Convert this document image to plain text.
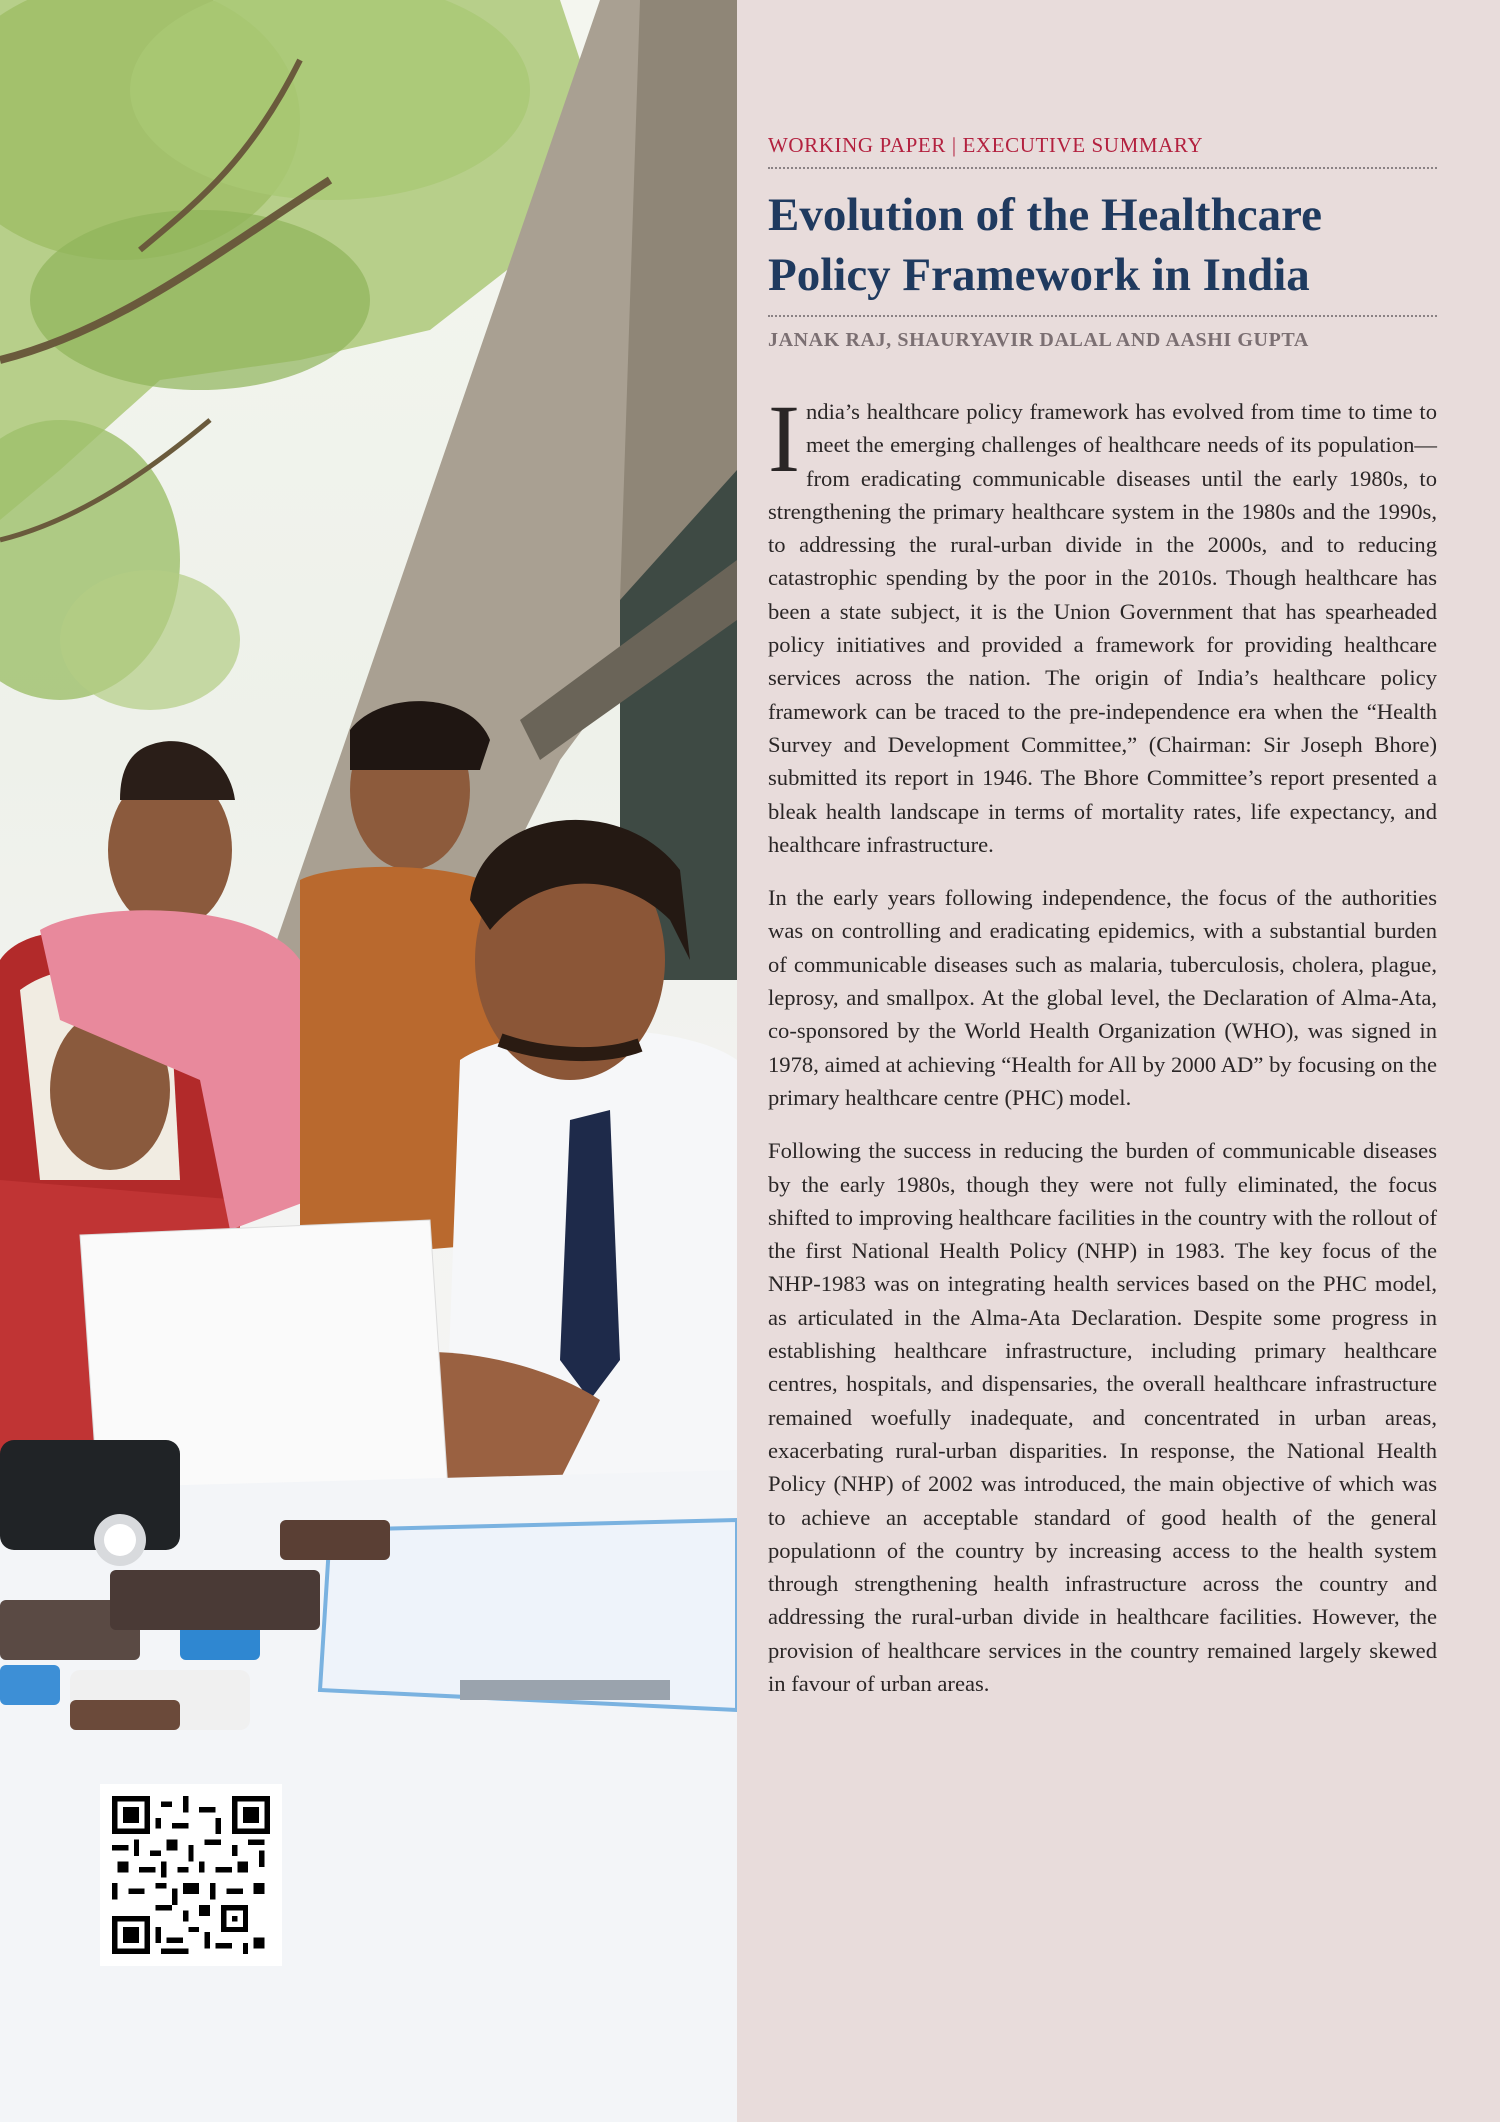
WORKING PAPER | EXECUTIVE SUMMARY
Evolution of the Healthcare
Policy Framework in India
JANAK RAJ, SHAURYAVIR DALAL AND AASHI GUPTA

India’s healthcare policy framework has evolved from time to time to meet the emerging challenges of healthcare needs of its population—from eradicating communicable diseases until the early 1980s, to strengthening the primary healthcare system in the 1980s and the 1990s, to addressing the rural-urban divide in the 2000s, and to reducing catastrophic spending by the poor in the 2010s. Though healthcare has been a state subject, it is the Union Government that has spearheaded policy initiatives and provided a framework for providing healthcare services across the nation. The origin of India’s healthcare policy framework can be traced to the pre-independence era when the “Health Survey and Development Committee,” (Chairman: Sir Joseph Bhore) submitted its report in 1946. The Bhore Committee’s report presented a bleak health landscape in terms of mortality rates, life expectancy, and healthcare infrastructure.

In the early years following independence, the focus of the authorities was on controlling and eradicating epidemics, with a substantial burden of communicable diseases such as malaria, tuberculosis, cholera, plague, leprosy, and smallpox. At the global level, the Declaration of Alma-Ata, co-sponsored by the World Health Organization (WHO), was signed in 1978, aimed at achieving “Health for All by 2000 AD” by focusing on the primary healthcare centre (PHC) model.

Following the success in reducing the burden of communicable diseases by the early 1980s, though they were not fully eliminated, the focus shifted to improving healthcare facilities in the country with the rollout of the first National Health Policy (NHP) in 1983. The key focus of the NHP-1983 was on integrating health services based on the PHC model, as articulated in the Alma-Ata Declaration. Despite some progress in establishing healthcare infrastructure, including primary healthcare centres, hospitals, and dispensaries, the overall healthcare infrastructure remained woefully inadequate, and concentrated in urban areas, exacerbating rural-urban disparities. In response, the National Health Policy (NHP) of 2002 was introduced, the main objective of which was to achieve an acceptable standard of good health of the general populationn of the country by increasing access to the health system through strengthening health infrastructure across the country and addressing the rural-urban divide in healthcare facilities. However, the provision of healthcare services in the country remained largely skewed in favour of urban areas.
